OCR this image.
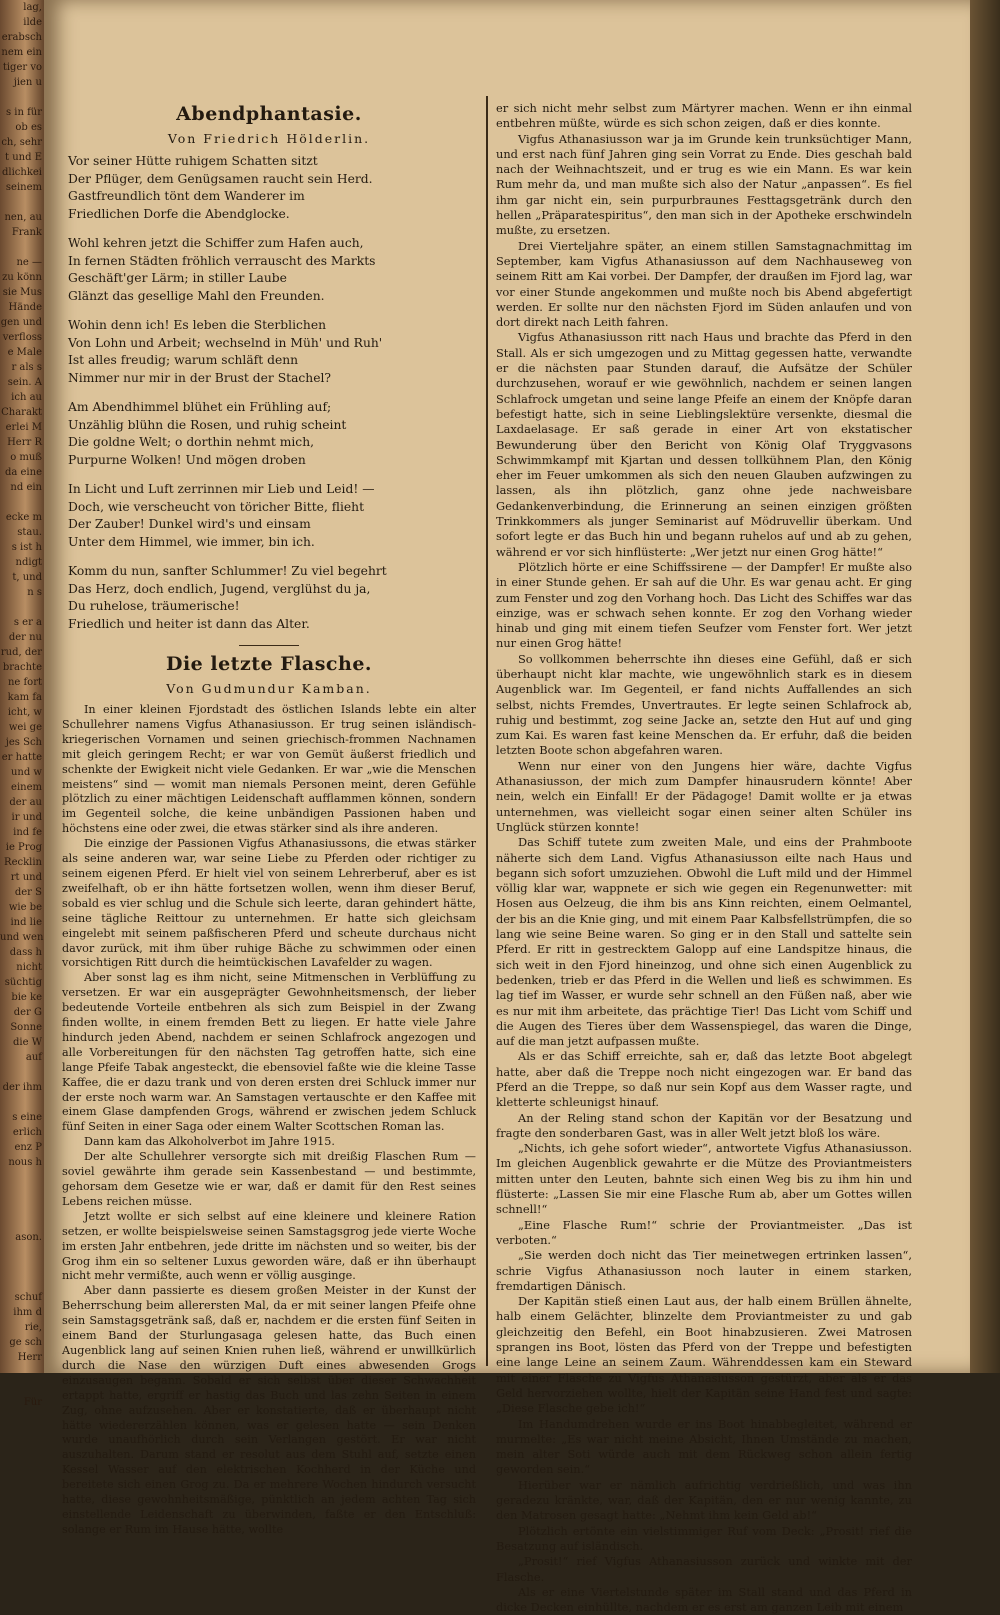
lag,
ilde
erabsch
nem ein
tiger vo
jien u

s in für
ob es
ch, sehr
t und E
dlichkei
seinem

nen, au
Frank

ne —
zu könn
sie Mus
Hände
gen und
verfloss
e Male
r als s
sein. A
ich au
Charakt
erlei M
Herr R
o muß
da eine
nd ein

ecke m
stau.
s ist h
ndigt
t, und
n s

s er a
der nu
rud, der
brachte
ne fort
kam fa
icht, w
wei ge
jes Sch
er hatte
und w
einem
der au
ir und
ind fe
ie Prog
Recklin
rt und
der S
wie be
ind lie
und wen
dass h
nicht
süchtig
bie ke
der G
Sonne
die W
auf

der ihm

s eine
erlich
enz P
nous h

ason.

schuf
ihm d
rie,
ge sch
Herr

Für
Abendphantasie.
Von Friedrich Hölderlin.
Vor seiner Hütte ruhigem Schatten sitzt
Der Pflüger, dem Genügsamen raucht sein Herd.
Gastfreundlich tönt dem Wanderer im
Friedlichen Dorfe die Abendglocke.
Wohl kehren jetzt die Schiffer zum Hafen auch,
In fernen Städten fröhlich verrauscht des Markts
Geschäft'ger Lärm; in stiller Laube
Glänzt das gesellige Mahl den Freunden.
Wohin denn ich! Es leben die Sterblichen
Von Lohn und Arbeit; wechselnd in Müh' und Ruh'
Ist alles freudig; warum schläft denn
Nimmer nur mir in der Brust der Stachel?
Am Abendhimmel blühet ein Frühling auf;
Unzählig blühn die Rosen, und ruhig scheint
Die goldne Welt; o dorthin nehmt mich,
Purpurne Wolken! Und mögen droben
In Licht und Luft zerrinnen mir Lieb und Leid! —
Doch, wie verscheucht von töricher Bitte, flieht
Der Zauber! Dunkel wird's und einsam
Unter dem Himmel, wie immer, bin ich.
Komm du nun, sanfter Schlummer! Zu viel begehrt
Das Herz, doch endlich, Jugend, verglühst du ja,
Du ruhelose, träumerische!
Friedlich und heiter ist dann das Alter.
Die letzte Flasche.
Von Gudmundur Kamban.

In einer kleinen Fjordstadt des östlichen Islands lebte ein alter Schullehrer namens Vigfus Athanasiusson. Er trug seinen isländisch-kriegerischen Vornamen und seinen griechisch-frommen Nachnamen mit gleich geringem Recht; er war von Gemüt äußerst friedlich und schenkte der Ewigkeit nicht viele Gedanken. Er war „wie die Menschen meistens“ sind — womit man niemals Personen meint, deren Gefühle plötzlich zu einer mächtigen Leidenschaft aufflammen können, sondern im Gegenteil solche, die keine unbändigen Passionen haben und höchstens eine oder zwei, die etwas stärker sind als ihre anderen.

Die einzige der Passionen Vigfus Athanasiussons, die etwas stärker als seine anderen war, war seine Liebe zu Pferden oder richtiger zu seinem eigenen Pferd. Er hielt viel von seinem Lehrerberuf, aber es ist zweifelhaft, ob er ihn hätte fortsetzen wollen, wenn ihm dieser Beruf, sobald es vier schlug und die Schule sich leerte, daran gehindert hätte, seine tägliche Reittour zu unternehmen. Er hatte sich gleichsam eingelebt mit seinem paßfischeren Pferd und scheute durchaus nicht davor zurück, mit ihm über ruhige Bäche zu schwimmen oder einen vorsichtigen Ritt durch die heimtückischen Lavafelder zu wagen.

Aber sonst lag es ihm nicht, seine Mitmenschen in Verblüffung zu versetzen. Er war ein ausgeprägter Gewohnheitsmensch, der lieber bedeutende Vorteile entbehren als sich zum Beispiel in der Zwang finden wollte, in einem fremden Bett zu liegen. Er hatte viele Jahre hindurch jeden Abend, nachdem er seinen Schlafrock angezogen und alle Vorbereitungen für den nächsten Tag getroffen hatte, sich eine lange Pfeife Tabak angesteckt, die ebensoviel faßte wie die kleine Tasse Kaffee, die er dazu trank und von deren ersten drei Schluck immer nur der erste noch warm war. An Samstagen vertauschte er den Kaffee mit einem Glase dampfenden Grogs, während er zwischen jedem Schluck fünf Seiten in einer Saga oder einem Walter Scottschen Roman las.

Dann kam das Alkoholverbot im Jahre 1915.

Der alte Schullehrer versorgte sich mit dreißig Flaschen Rum — soviel gewährte ihm gerade sein Kassenbestand — und bestimmte, gehorsam dem Gesetze wie er war, daß er damit für den Rest seines Lebens reichen müsse.

Jetzt wollte er sich selbst auf eine kleinere und kleinere Ration setzen, er wollte beispielsweise seinen Samstagsgrog jede vierte Woche im ersten Jahr entbehren, jede dritte im nächsten und so weiter, bis der Grog ihm ein so seltener Luxus geworden wäre, daß er ihn überhaupt nicht mehr vermißte, auch wenn er völlig ausginge.

Aber dann passierte es diesem großen Meister in der Kunst der Beherrschung beim allerersten Mal, da er mit seiner langen Pfeife ohne sein Samstagsgetränk saß, daß er, nachdem er die ersten fünf Seiten in einem Band der Sturlungasaga gelesen hatte, das Buch einen Augenblick lang auf seinen Knien ruhen ließ, während er unwillkürlich durch die Nase den würzigen Duft eines abwesenden Grogs einzusaugen begann. Sobald er sich selbst über dieser Schwachheit ertappt hatte, ergriff er hastig das Buch und las zehn Seiten in einem Zug, ohne aufzusehen. Aber er konstatierte, daß er überhaupt nicht hätte wiedererzählen können, was er gelesen hatte — sein Denken wurde unaufhörlich durch sein Verlangen gestört. Er war nicht auszuhalten. Darum stand er resolut aus dem Stuhl auf, setzte einen Kessel Wasser auf den elektrischen Kochherd in der Küche und bereitete sich einen Grog zu. Da er mehrere Wochen hindurch versucht hatte, diese gewohnheitsmäßige, pünktlich an jedem achten Tag sich einstellende Leidenschaft zu überwinden, faßte er den Entschluß: solange er Rum im Hause hätte, wollte

er sich nicht mehr selbst zum Märtyrer machen. Wenn er ihn einmal entbehren müßte, würde es sich schon zeigen, daß er dies konnte.

Vigfus Athanasiusson war ja im Grunde kein trunksüchtiger Mann, und erst nach fünf Jahren ging sein Vorrat zu Ende. Dies geschah bald nach der Weihnachtszeit, und er trug es wie ein Mann. Es war kein Rum mehr da, und man mußte sich also der Natur „anpassen“. Es fiel ihm gar nicht ein, sein purpurbraunes Festtagsgetränk durch den hellen „Präparatespiritus“, den man sich in der Apotheke erschwindeln mußte, zu ersetzen.

Drei Vierteljahre später, an einem stillen Samstagnachmittag im September, kam Vigfus Athanasiusson auf dem Nachhauseweg von seinem Ritt am Kai vorbei. Der Dampfer, der draußen im Fjord lag, war vor einer Stunde angekommen und mußte noch bis Abend abgefertigt werden. Er sollte nur den nächsten Fjord im Süden anlaufen und von dort direkt nach Leith fahren.

Vigfus Athanasiusson ritt nach Haus und brachte das Pferd in den Stall. Als er sich umgezogen und zu Mittag gegessen hatte, verwandte er die nächsten paar Stunden darauf, die Aufsätze der Schüler durchzusehen, worauf er wie gewöhnlich, nachdem er seinen langen Schlafrock umgetan und seine lange Pfeife an einem der Knöpfe daran befestigt hatte, sich in seine Lieblingslektüre versenkte, diesmal die Laxdaelasage. Er saß gerade in einer Art von ekstatischer Bewunderung über den Bericht von König Olaf Tryggvasons Schwimmkampf mit Kjartan und dessen tollkühnem Plan, den König eher im Feuer umkommen als sich den neuen Glauben aufzwingen zu lassen, als ihn plötzlich, ganz ohne jede nachweisbare Gedankenverbindung, die Erinnerung an seinen einzigen größten Trinkkommers als junger Seminarist auf Mödruvellir überkam. Und sofort legte er das Buch hin und begann ruhelos auf und ab zu gehen, während er vor sich hinflüsterte: „Wer jetzt nur einen Grog hätte!“

Plötzlich hörte er eine Schiffssirene — der Dampfer! Er mußte also in einer Stunde gehen. Er sah auf die Uhr. Es war genau acht. Er ging zum Fenster und zog den Vorhang hoch. Das Licht des Schiffes war das einzige, was er schwach sehen konnte. Er zog den Vorhang wieder hinab und ging mit einem tiefen Seufzer vom Fenster fort. Wer jetzt nur einen Grog hätte!

So vollkommen beherrschte ihn dieses eine Gefühl, daß er sich überhaupt nicht klar machte, wie ungewöhnlich stark es in diesem Augenblick war. Im Gegenteil, er fand nichts Auffallendes an sich selbst, nichts Fremdes, Unvertrautes. Er legte seinen Schlafrock ab, ruhig und bestimmt, zog seine Jacke an, setzte den Hut auf und ging zum Kai. Es waren fast keine Menschen da. Er erfuhr, daß die beiden letzten Boote schon abgefahren waren.

Wenn nur einer von den Jungens hier wäre, dachte Vigfus Athanasiusson, der mich zum Dampfer hinausrudern könnte! Aber nein, welch ein Einfall! Er der Pädagoge! Damit wollte er ja etwas unternehmen, was vielleicht sogar einen seiner alten Schüler ins Unglück stürzen konnte!

Das Schiff tutete zum zweiten Male, und eins der Prahmboote näherte sich dem Land. Vigfus Athanasiusson eilte nach Haus und begann sich sofort umzuziehen. Obwohl die Luft mild und der Himmel völlig klar war, wappnete er sich wie gegen ein Regenunwetter: mit Hosen aus Oelzeug, die ihm bis ans Kinn reichten, einem Oelmantel, der bis an die Knie ging, und mit einem Paar Kalbsfellstrümpfen, die so lang wie seine Beine waren. So ging er in den Stall und sattelte sein Pferd. Er ritt in gestrecktem Galopp auf eine Landspitze hinaus, die sich weit in den Fjord hineinzog, und ohne sich einen Augenblick zu bedenken, trieb er das Pferd in die Wellen und ließ es schwimmen. Es lag tief im Wasser, er wurde sehr schnell an den Füßen naß, aber wie es nur mit ihm arbeitete, das prächtige Tier! Das Licht vom Schiff und die Augen des Tieres über dem Wassenspiegel, das waren die Dinge, auf die man jetzt aufpassen mußte.

Als er das Schiff erreichte, sah er, daß das letzte Boot abgelegt hatte, aber daß die Treppe noch nicht eingezogen war. Er band das Pferd an die Treppe, so daß nur sein Kopf aus dem Wasser ragte, und kletterte schleunigst hinauf.

An der Reling stand schon der Kapitän vor der Besatzung und fragte den sonderbaren Gast, was in aller Welt jetzt bloß los wäre.

„Nichts, ich gehe sofort wieder“, antwortete Vigfus Athanasiusson. Im gleichen Augenblick gewahrte er die Mütze des Proviantmeisters mitten unter den Leuten, bahnte sich einen Weg bis zu ihm hin und flüsterte: „Lassen Sie mir eine Flasche Rum ab, aber um Gottes willen schnell!“

„Eine Flasche Rum!“ schrie der Proviantmeister. „Das ist verboten.“

„Sie werden doch nicht das Tier meinetwegen ertrinken lassen“, schrie Vigfus Athanasiusson noch lauter in einem starken, fremdartigen Dänisch.

Der Kapitän stieß einen Laut aus, der halb einem Brüllen ähnelte, halb einem Gelächter, blinzelte dem Proviantmeister zu und gab gleichzeitig den Befehl, ein Boot hinabzusieren. Zwei Matrosen sprangen ins Boot, lösten das Pferd von der Treppe und befestigten eine lange Leine an seinem Zaum. Währenddessen kam ein Steward mit einer Flasche zu Vigfus Athanasiusson gestürzt, aber als er das Geld hervorziehen wollte, hielt der Kapitän seine Hand fest und sagte: „Diese Flasche gebe ich!“

Im Handumdrehen wurde er ins Boot hinabbegleitet, während er murmelte: „Es war nicht meine Absicht, Ihnen Umstände zu machen, mein alter Soti würde auch mit dem Rückweg schon allein fertig geworden sein.“

Hierüber war er nämlich aufrichtig verdrießlich, und was ihn geradezu kränkte, war, daß der Kapitän, den er nur wenig kannte, zu den Matrosen gesagt hatte: „Nehmt ihm kein Geld ab!“

Plötzlich ertönte ein vielstimmiger Ruf vom Deck: „Prosit! rief die Besatzung auf isländisch.

„Prosit!“ rief Vigfus Athanasiusson zurück und winkte mit der Flasche.

Als er eine Viertelstunde später im Stall stand und das Pferd in dicke Decken einhüllte, nachdem er es erst am ganzen Leib mit einem
